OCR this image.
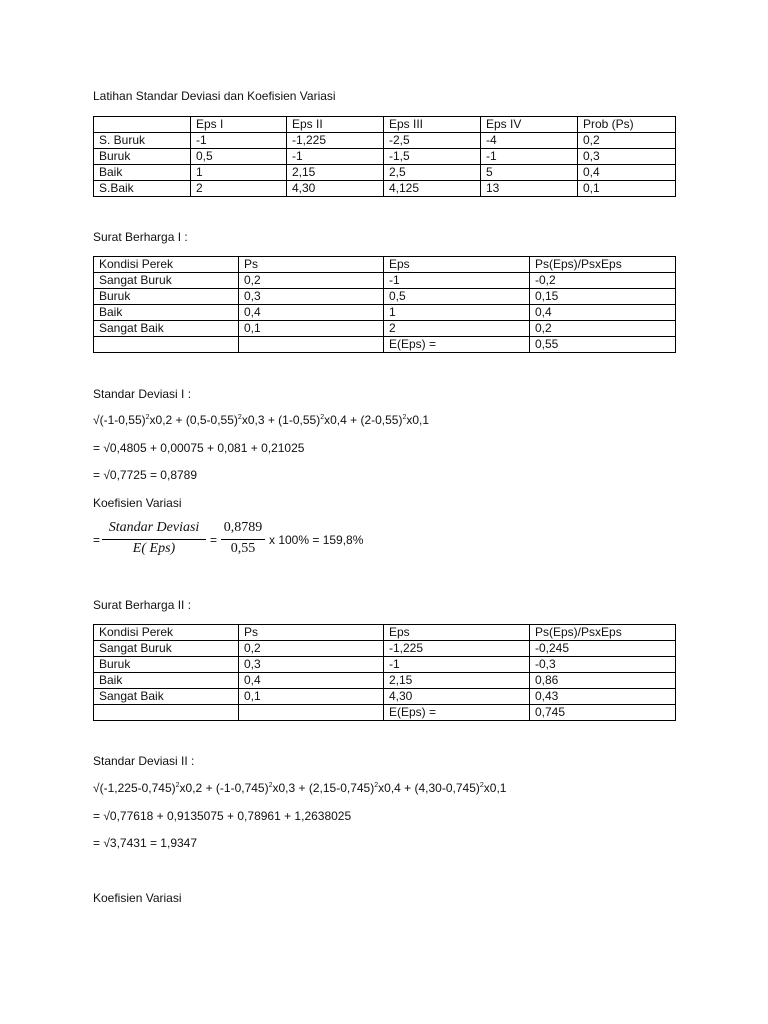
Latihan Standar Deviasi dan Koefisien Variasi
	Eps I	Eps II	Eps III	Eps IV	Prob (Ps)
S. Buruk	-1	-1,225	-2,5	-4	0,2
Buruk	0,5	-1	-1,5	-1	0,3
Baik	1	2,15	2,5	5	0,4
S.Baik	2	4,30	4,125	13	0,1
Surat Berharga I :
Kondisi Perek	Ps	Eps	Ps(Eps)/PsxEps
Sangat Buruk	0,2	-1	-0,2
Buruk	0,3	0,5	0,15
Baik	0,4	1	0,4
Sangat Baik	0,1	2	0,2
		E(Eps) =	0,55
Standar Deviasi I :
$√(-1-0,55)^2x0,2 + (0,5-0,55)^2x0,3 + (1-0,55)^2x0,4 + (2-0,55)^2x0,1$
= √0,4805 + 0,00075 + 0,081 + 0,21025
= √0,7725 = 0,8789
Koefisien Variasi
=
Standar Deviasi
E( Eps)
=
0,8789
0,55
x 100% = 159,8%
Surat Berharga II :
Kondisi Perek	Ps	Eps	Ps(Eps)/PsxEps
Sangat Buruk	0,2	-1,225	-0,245
Buruk	0,3	-1	-0,3
Baik	0,4	2,15	0,86
Sangat Baik	0,1	4,30	0,43
		E(Eps) =	0,745
Standar Deviasi II :
$√(-1,225-0,745)^2x0,2 + (-1-0,745)^2x0,3 + (2,15-0,745)^2x0,4 + (4,30-0,745)^2x0,1$
= √0,77618 + 0,9135075 + 0,78961 + 1,2638025
= √3,7431 = 1,9347
Koefisien Variasi
